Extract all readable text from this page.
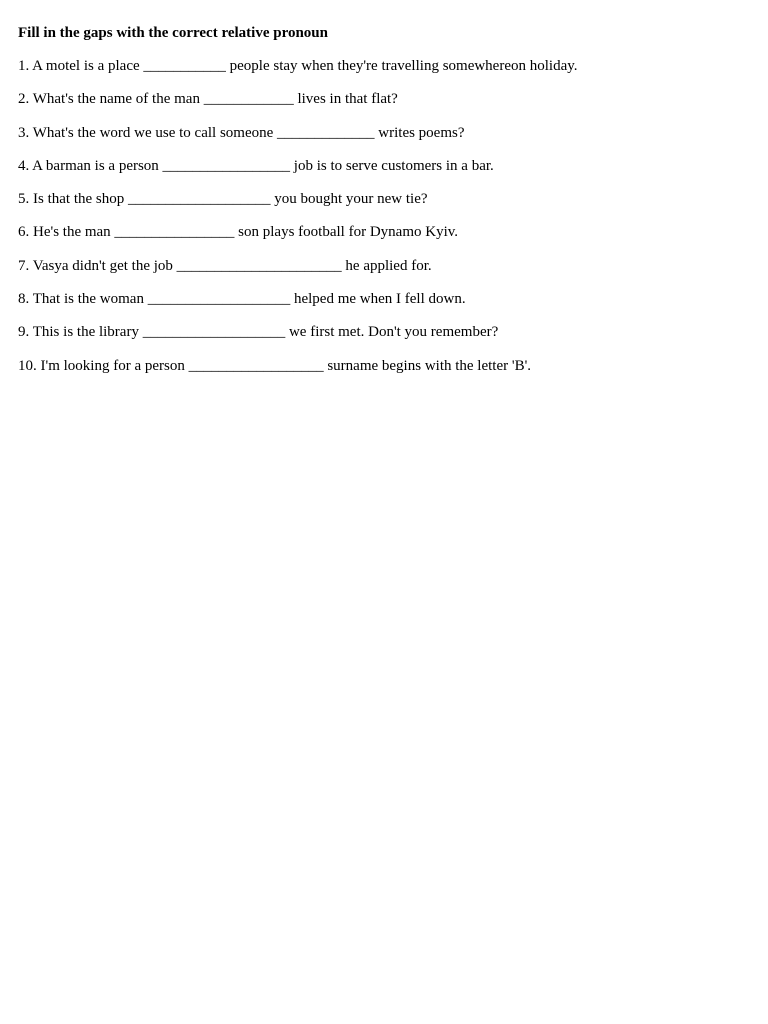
Fill in the gaps with the correct relative pronoun
1. A motel is a place ___________ people stay when they're travelling somewhereon holiday.
2. What's the name of the man ____________ lives in that flat?
3. What's the word we use to call someone _____________ writes poems?
4. A barman is a person _________________ job is to serve customers in a bar.
5. Is that the shop ___________________ you bought your new tie?
6. He's the man ________________ son plays football for Dynamo Kyiv.
7. Vasya didn't get the job ______________________ he applied for.
8. That is the woman ___________________ helped me when I fell down.
9. This is the library ___________________ we first met. Don't you remember?
10. I'm looking for a person __________________ surname begins with the letter 'B'.
